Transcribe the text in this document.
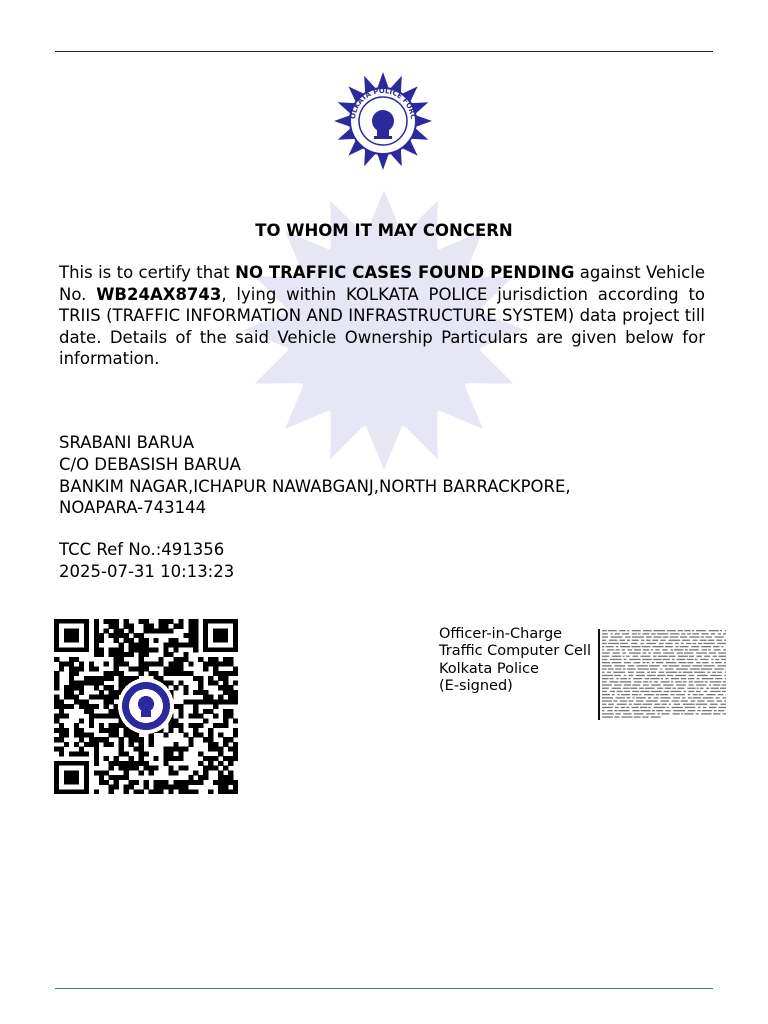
OLKATA POLICE FORC
सत्यमेव जयते
TO WHOM IT MAY CONCERN
This is to certify that NO TRAFFIC CASES FOUND PENDING against Vehicle No. WB24AX8743, lying within KOLKATA POLICE jurisdiction according to TRIIS (TRAFFIC INFORMATION AND INFRASTRUCTURE SYSTEM) data project till date. Details of the said Vehicle Ownership Particulars are given below for information.
SRABANI BARUA
C/O DEBASISH BARUA
BANKIM NAGAR,ICHAPUR NAWABGANJ,NORTH BARRACKPORE,
NOAPARA-743144
TCC Ref No.:491356
2025-07-31 10:13:23
Officer-in-Charge
Traffic Computer Cell
Kolkata Police
(E-signed)
